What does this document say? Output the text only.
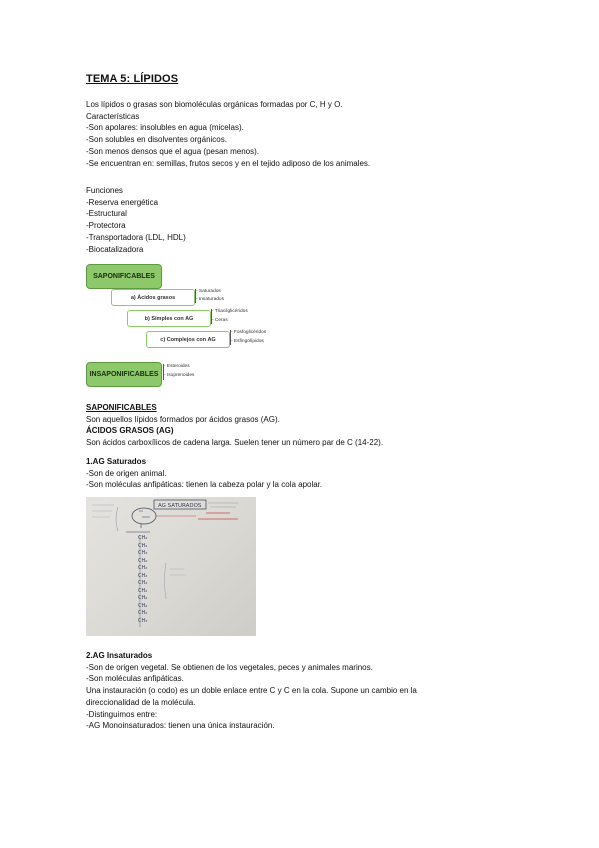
TEMA 5: LÍPIDOS
Los lípidos o grasas son biomoléculas orgánicas formadas por C, H y O.
Características
-Son apolares: insolubles en agua (micelas).
-Son solubles en disolventes orgánicos.
-Son menos densos que el agua (pesan menos).
-Se encuentran en: semillas, frutos secos y en el tejido adiposo de los animales.
Funciones
-Reserva energética
-Estructural
-Protectora
-Transportadora (LDL, HDL)
-Biocatalizadora
SAPONIFICABLES
a) Ácidos grasos
- Saturados
- Insaturados
b) Simples con AG
- Triacilglicéridos
- Ceras
c) Complejos con AG
- Fosfoglicéridos
- Esfingolípidos
INSAPONIFICABLES
- Esteroides
- Isoprenoides
SAPONIFICABLES
Son aquellos lípidos formados por ácidos grasos (AG).
ÁCIDOS GRASOS (AG)
Son ácidos carboxílicos de cadena larga. Suelen tener un número par de C (14-22).
1.AG Saturados
-Son de origen animal.
-Son moléculas anfipáticas: tienen la cabeza polar y la cola apolar.
AG SATURADOS
CH₂
CH₂
CH₂
CH₂
CH₂
CH₂
CH₂
CH₂
CH₂
CH₂
CH₂
CH₃
2.AG Insaturados
-Son de origen vegetal. Se obtienen de los vegetales, peces y animales marinos.
-Son moléculas anfipáticas.
Una instauración (o codo) es un doble enlace entre C y C en la cola. Supone un cambio en la
direccionalidad de la molécula.
-Distinguimos entre:
-AG Monoinsaturados: tienen una única instauración.
